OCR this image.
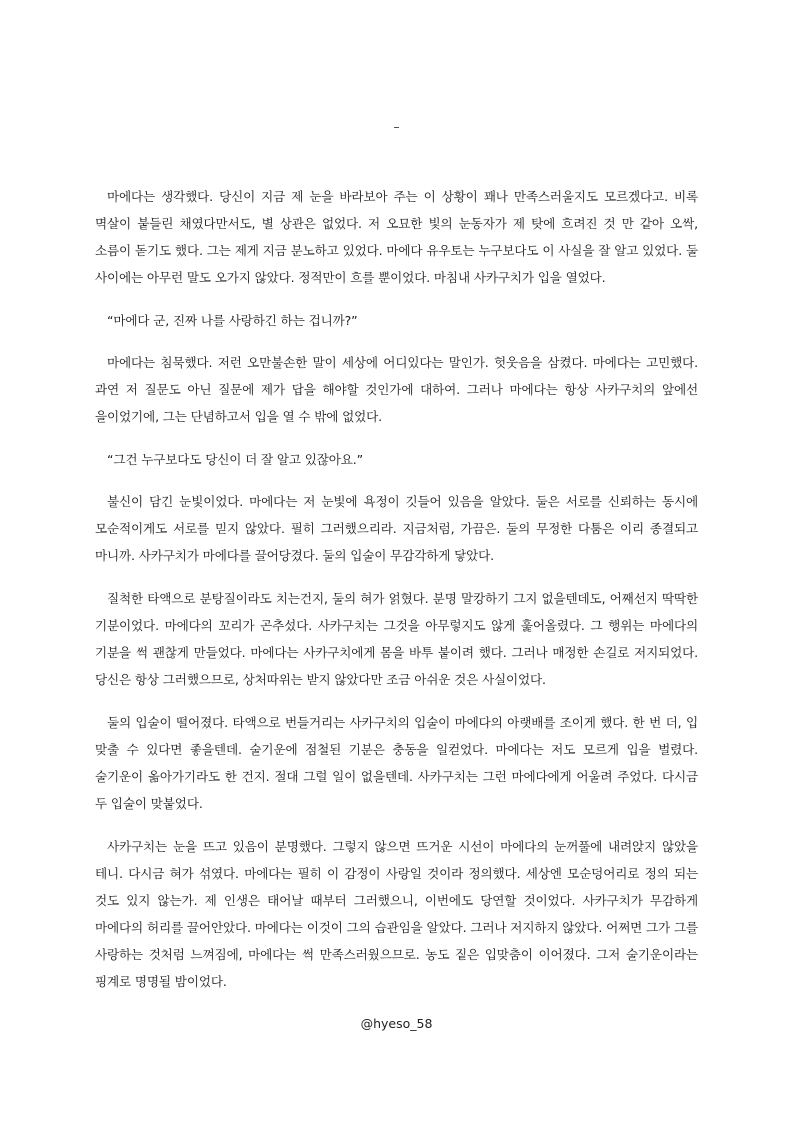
–

마에다는 생각했다. 당신이 지금 제 눈을 바라보아 주는 이 상황이 꽤나 만족스러울지도 모르겠다고. 비록 멱살이 붙들린 채였다만서도, 별 상관은 없었다. 저 오묘한 빛의 눈동자가 제 탓에 흐려진 것 만 같아 오싹, 소름이 돋기도 했다. 그는 제게 지금 분노하고 있었다. 마에다 유우토는 누구보다도 이 사실을 잘 알고 있었다. 둘 사이에는 아무런 말도 오가지 않았다. 정적만이 흐를 뿐이었다. 마침내 사카구치가 입을 열었다.

“마에다 군, 진짜 나를 사랑하긴 하는 겁니까?”

마에다는 침묵했다. 저런 오만불손한 말이 세상에 어디있다는 말인가. 헛웃음을 삼켰다. 마에다는 고민했다. 과연 저 질문도 아닌 질문에 제가 답을 해야할 것인가에 대하여. 그러나 마에다는 항상 사카구치의 앞에선 을이었기에, 그는 단념하고서 입을 열 수 밖에 없었다.

“그건 누구보다도 당신이 더 잘 알고 있잖아요.”

불신이 담긴 눈빛이었다. 마에다는 저 눈빛에 욕정이 깃들어 있음을 알았다. 둘은 서로를 신뢰하는 동시에 모순적이게도 서로를 믿지 않았다. 필히 그러했으리라. 지금처럼, 가끔은. 둘의 무정한 다툼은 이리 종결되고 마니까. 사카구치가 마에다를 끌어당겼다. 둘의 입술이 무감각하게 닿았다.

질척한 타액으로 분탕질이라도 치는건지, 둘의 혀가 얽혔다. 분명 말캉하기 그지 없을텐데도, 어째선지 딱딱한 기분이었다. 마에다의 꼬리가 곤추섰다. 사카구치는 그것을 아무렇지도 않게 훑어올렸다. 그 행위는 마에다의 기분을 썩 괜찮게 만들었다. 마에다는 사카구치에게 몸을 바투 붙이려 했다. 그러나 매정한 손길로 저지되었다. 당신은 항상 그러했으므로, 상처따위는 받지 않았다만 조금 아쉬운 것은 사실이었다.

둘의 입술이 떨어졌다. 타액으로 번들거리는 사카구치의 입술이 마에다의 아랫배를 조이게 했다. 한 번 더, 입 맞출 수 있다면 좋을텐데. 술기운에 점철된 기분은 충동을 일컫었다. 마에다는 저도 모르게 입을 벌렸다. 술기운이 옮아가기라도 한 건지. 절대 그럴 일이 없을텐데. 사카구치는 그런 마에다에게 어울려 주었다. 다시금 두 입술이 맞붙었다.

사카구치는 눈을 뜨고 있음이 분명했다. 그렇지 않으면 뜨거운 시선이 마에다의 눈꺼풀에 내려앉지 않았을 테니. 다시금 혀가 섞였다. 마에다는 필히 이 감정이 사랑일 것이라 정의했다. 세상엔 모순덩어리로 정의 되는 것도 있지 않는가. 제 인생은 태어날 때부터 그러했으니, 이번에도 당연할 것이었다. 사카구치가 무감하게 마에다의 허리를 끌어안았다. 마에다는 이것이 그의 습관임을 알았다. 그러나 저지하지 않았다. 어쩌면 그가 그를 사랑하는 것처럼 느껴짐에, 마에다는 썩 만족스러웠으므로. 농도 짙은 입맞춤이 이어졌다. 그저 술기운이라는 핑계로 명명될 밤이었다.

@hyeso_58
